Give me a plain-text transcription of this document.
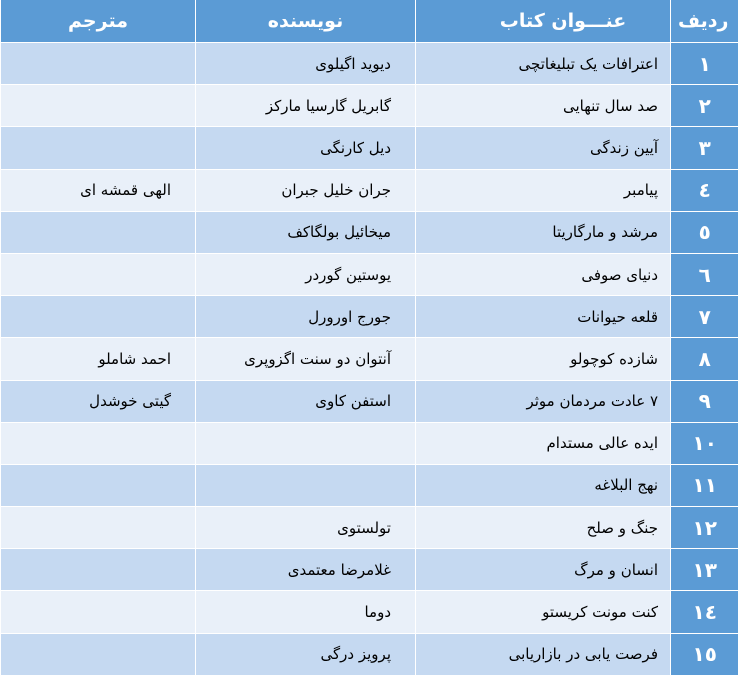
ردیف	عنـــوان کتاب	نویسنده	مترجم
۱	اعترافات یک تبلیغاتچی	دیوید اگیلوی	
۲	صد سال تنهایی	گابریل گارسیا مارکز	
۳	آیین زندگی	دیل کارنگی	
٤	پیامبر	جران خلیل جبران	الهی قمشه ای
٥	مرشد و مارگاریتا	میخائیل بولگاکف	
٦	دنیای صوفی	یوستین گوردر	
۷	قلعه حیوانات	جورج اورورل	
۸	شازده کوچولو	آنتوان دو سنت اگزوپری	احمد شاملو
۹	۷ عادت مردمان موثر	استفن کاوی	گیتی خوشدل
۱۰	ایده عالی مستدام		
۱۱	نهج البلاغه		
۱۲	جنگ و صلح	تولستوی	
۱۳	انسان و مرگ	غلامرضا معتمدی	
۱٤	کنت مونت کریستو	دوما	
۱٥	فرصت یابی در بازاریابی	پرویز درگی	
